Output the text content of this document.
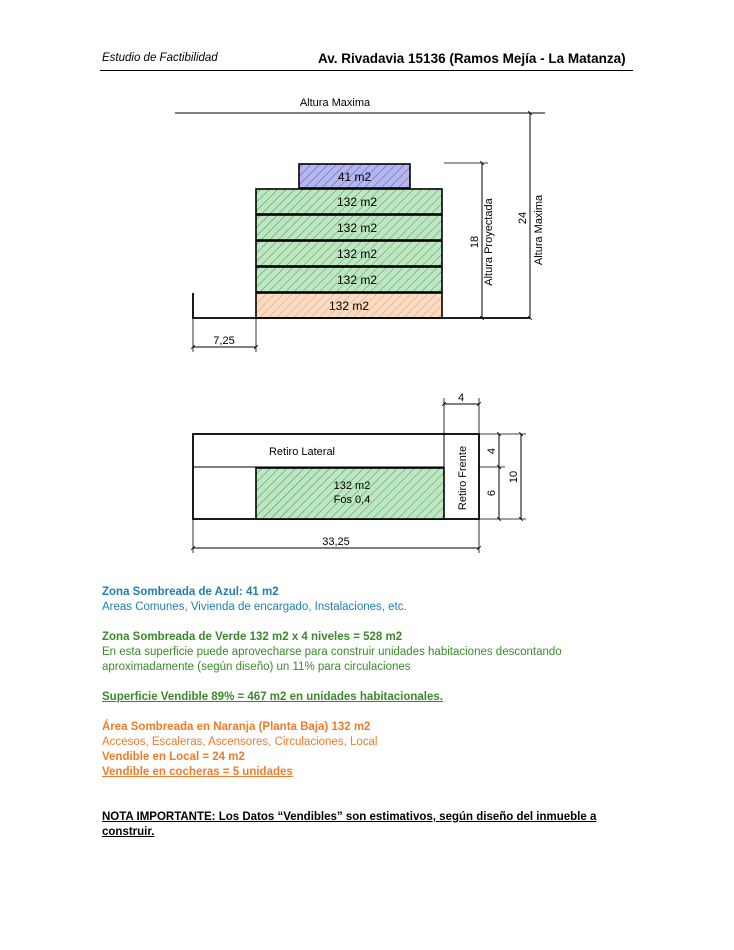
Estudio de Factibilidad	Av. Rivadavia 15136 (Ramos Mejía - La Matanza)
Altura Maxima
41 m2
132 m2
132 m2
132 m2
132 m2
132 m2
18 Altura Proyectada 24 Altura Maxima
7,25
Retiro Lateral
132 m2
Fos 0,4	Retiro Frente
4
4
6
10
33,25

Zona Sombreada de Azul: 41 m2

Areas Comunes, Vivienda de encargado, Instalaciones, etc.

Zona Sombreada de Verde 132 m2 x 4 niveles = 528 m2

En esta superficie puede aprovecharse para construir unidades habitaciones descontando

aproximadamente (según diseño) un 11% para circulaciones

Superficie Vendible 89% = 467 m2 en unidades habitacionales.

Área Sombreada en Naranja (Planta Baja) 132 m2

Accesos, Escaleras, Ascensores, Circulaciones, Local

Vendible en Local = 24 m2

Vendible en cocheras = 5 unidades

NOTA IMPORTANTE: Los Datos “Vendibles” son estimativos, según diseño del inmueble a

construir.
